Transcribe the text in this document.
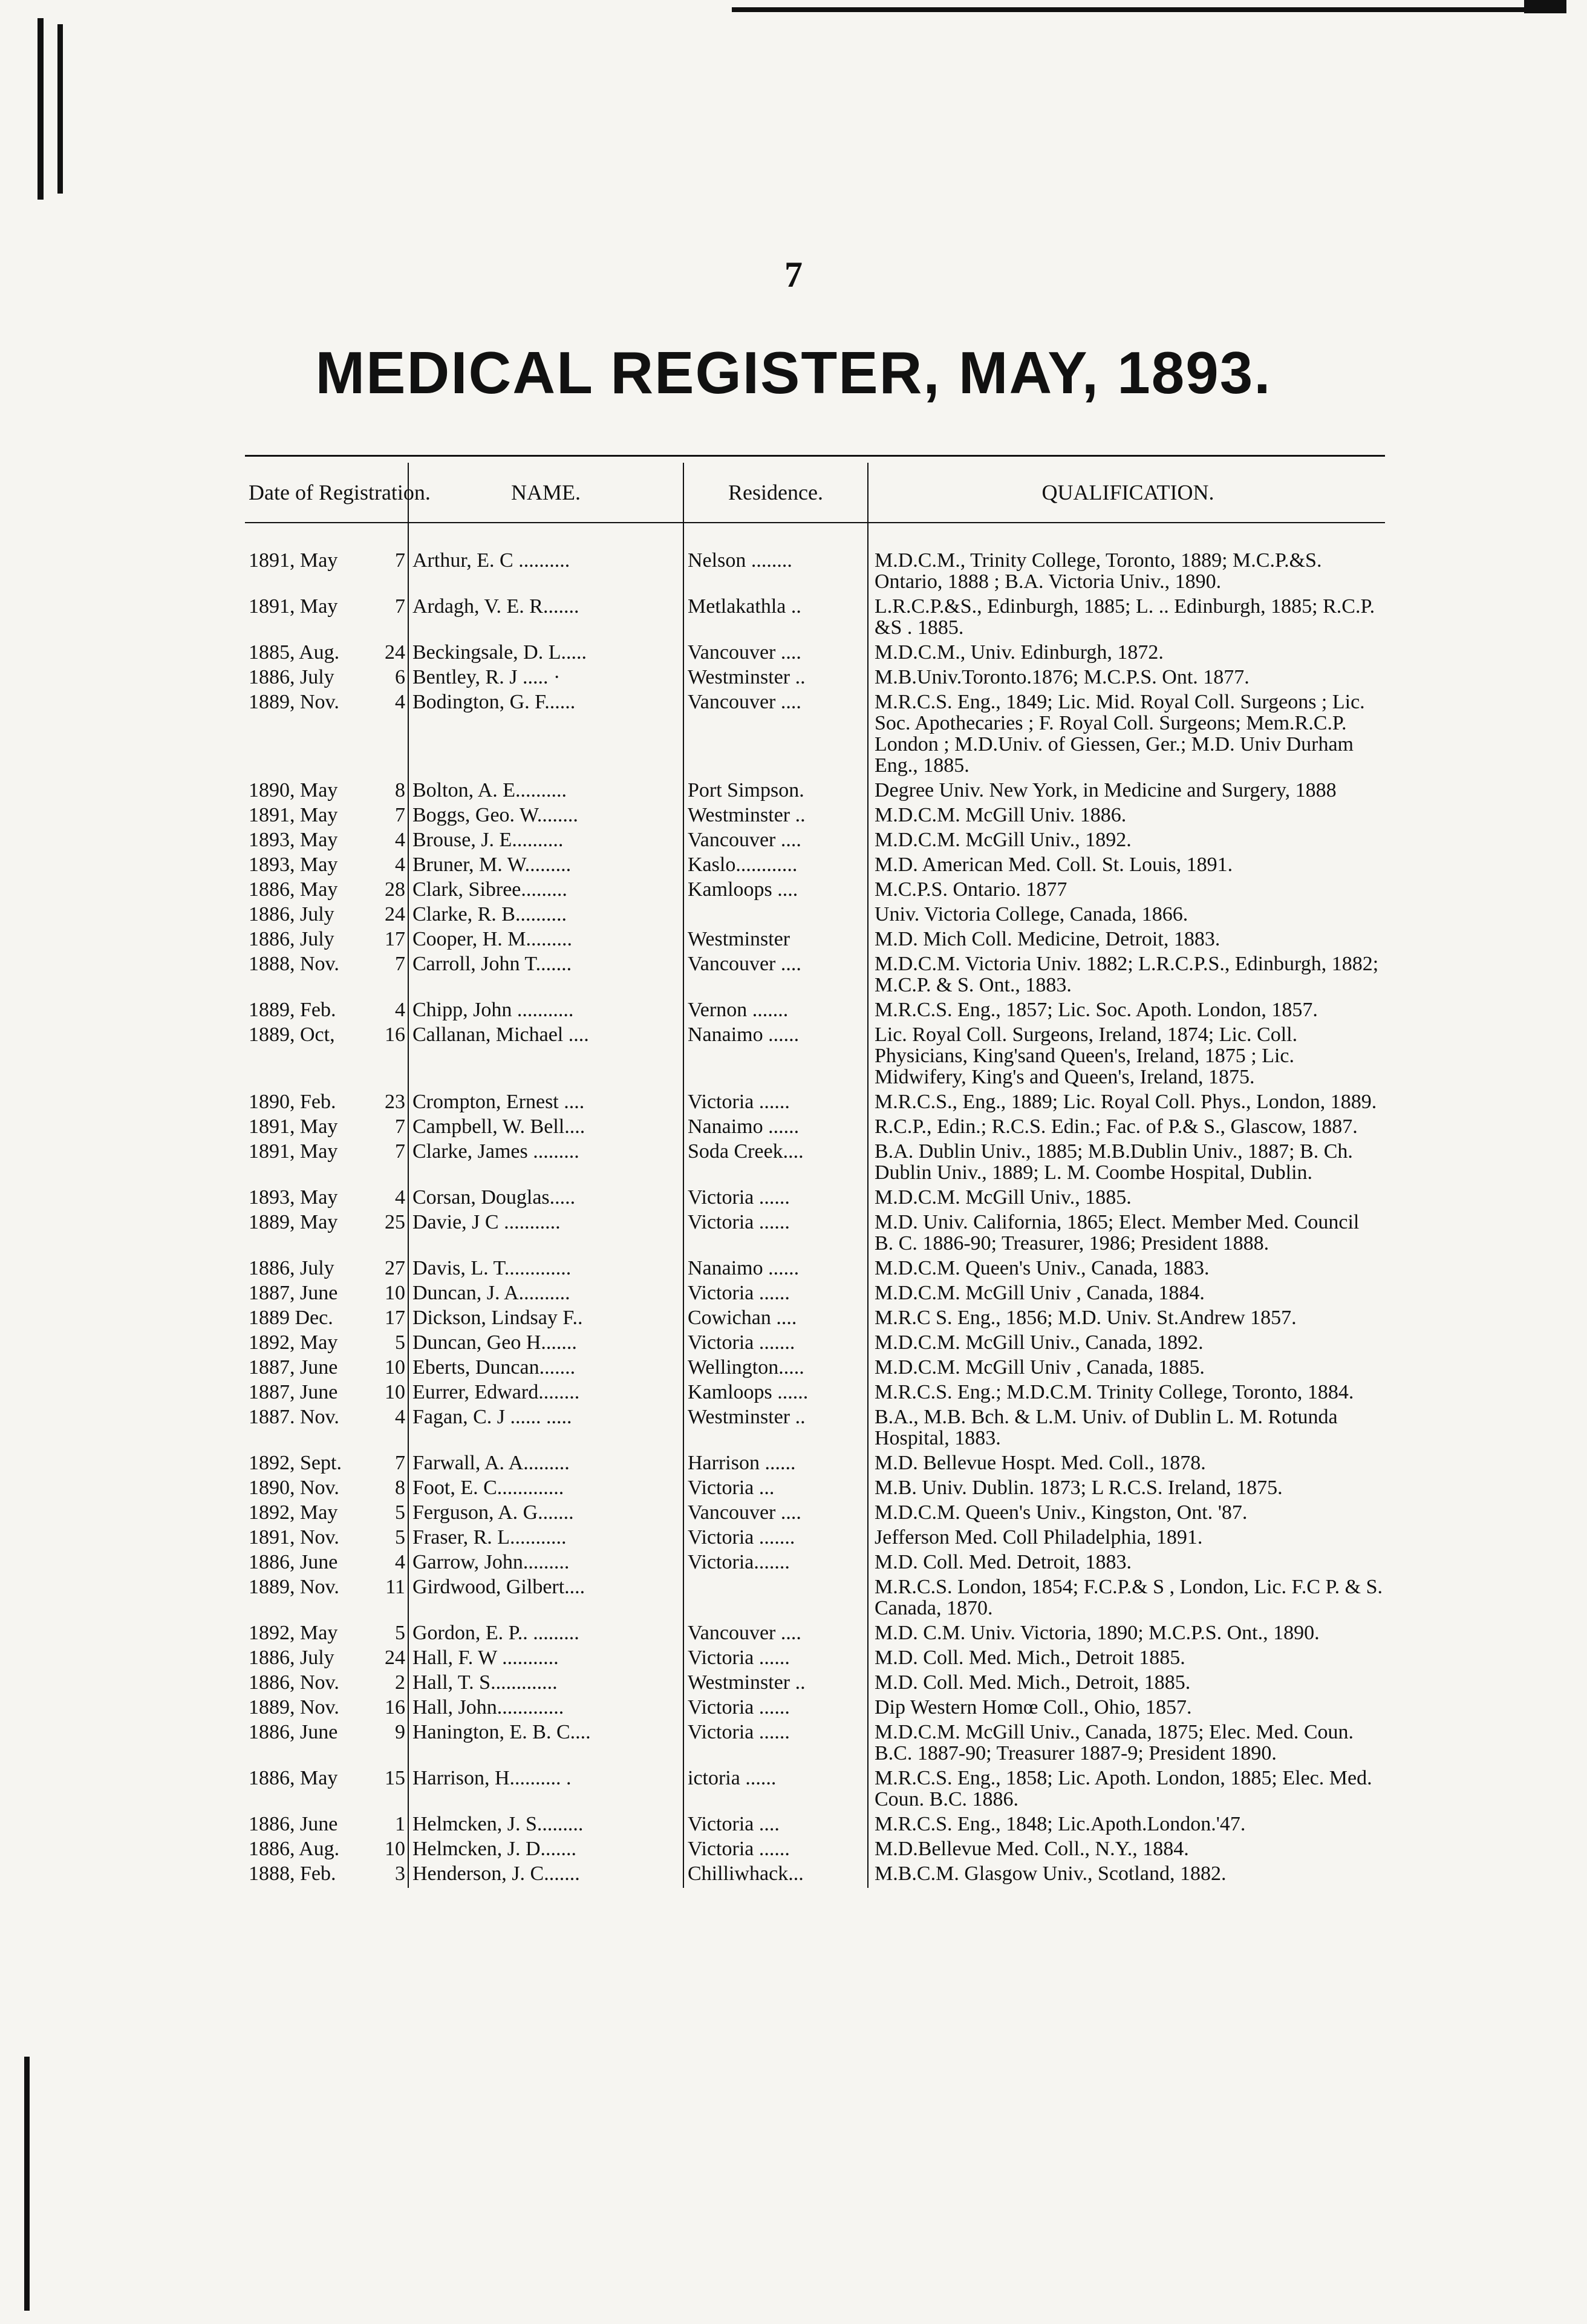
7
MEDICAL REGISTER, MAY, 1893.
Date of Registration.	NAME.	Residence.	QUALIFICATION.

1891, May 7	Arthur, E. C ..........	Nelson ........	M.D.C.M., Trinity College, Toronto, 1889; M.C.P.&S. Ontario, 1888 ; B.A. Victoria Univ., 1890.

1891, May 7	Ardagh, V. E. R.......	Metlakathla ..	L.R.C.P.&S., Edinburgh, 1885; L. .. Edinburgh, 1885; R.C.P. &S . 1885.

1885, Aug. 24	Beckingsale, D. L.....	Vancouver ....	M.D.C.M., Univ. Edinburgh, 1872.

1886, July 6	Bentley, R. J ..... ·	Westminster ..	M.B.Univ.Toronto.1876; M.C.P.S. Ont. 1877.

1889, Nov. 4	Bodington, G. F......	Vancouver ....	M.R.C.S. Eng., 1849; Lic. Mid. Royal Coll. Surgeons ; Lic. Soc. Apothecaries ; F. Royal Coll. Surgeons; Mem.R.C.P. London ; M.D.Univ. of Giessen, Ger.; M.D. Univ Durham Eng., 1885.

1890, May 8	Bolton, A. E..........	Port Simpson.	Degree Univ. New York, in Medicine and Surgery, 1888

1891, May 7	Boggs, Geo. W........	Westminster ..	M.D.C.M. McGill Univ. 1886.

1893, May 4	Brouse, J. E..........	Vancouver ....	M.D.C.M. McGill Univ., 1892.

1893, May 4	Bruner, M. W.........	Kaslo............	M.D. American Med. Coll. St. Louis, 1891.

1886, May 28	Clark, Sibree.........	Kamloops ....	M.C.P.S. Ontario. 1877

1886, July 24	Clarke, R. B..........		Univ. Victoria College, Canada, 1866.

1886, July 17	Cooper, H. M.........	Westminster	M.D. Mich Coll. Medicine, Detroit, 1883.

1888, Nov. 7	Carroll, John T.......	Vancouver ....	M.D.C.M. Victoria Univ. 1882; L.R.C.P.S., Edinburgh, 1882; M.C.P. & S. Ont., 1883.

1889, Feb. 4	Chipp, John ...........	Vernon .......	M.R.C.S. Eng., 1857; Lic. Soc. Apoth. London, 1857.

1889, Oct, 16	Callanan, Michael ....	Nanaimo ......	Lic. Royal Coll. Surgeons, Ireland, 1874; Lic. Coll. Physicians, King'sand Queen's, Ireland, 1875 ; Lic. Midwifery, King's and Queen's, Ireland, 1875.

1890, Feb. 23	Crompton, Ernest ....	Victoria ......	M.R.C.S., Eng., 1889; Lic. Royal Coll. Phys., London, 1889.

1891, May 7	Campbell, W. Bell....	Nanaimo ......	R.C.P., Edin.; R.C.S. Edin.; Fac. of P.& S., Glascow, 1887.

1891, May 7	Clarke, James .........	Soda Creek....	B.A. Dublin Univ., 1885; M.B.Dublin Univ., 1887; B. Ch. Dublin Univ., 1889; L. M. Coombe Hospital, Dublin.

1893, May 4	Corsan, Douglas.....	Victoria ......	M.D.C.M. McGill Univ., 1885.

1889, May 25	Davie, J C ...........	Victoria ......	M.D. Univ. California, 1865; Elect. Member Med. Council B. C. 1886-90; Treasurer, 1986; President 1888.

1886, July 27	Davis, L. T.............	Nanaimo ......	M.D.C.M. Queen's Univ., Canada, 1883.

1887, June 10	Duncan, J. A..........	Victoria ......	M.D.C.M. McGill Univ , Canada, 1884.

1889 Dec. 17	Dickson, Lindsay F..	Cowichan ....	M.R.C S. Eng., 1856; M.D. Univ. St.Andrew 1857.

1892, May 5	Duncan, Geo H.......	Victoria .......	M.D.C.M. McGill Univ., Canada, 1892.

1887, June 10	Eberts, Duncan.......	Wellington.....	M.D.C.M. McGill Univ , Canada, 1885.

1887, June 10	Eurrer, Edward........	Kamloops ......	M.R.C.S. Eng.; M.D.C.M. Trinity College, Toronto, 1884.

1887. Nov. 4	Fagan, C. J ...... .....	Westminster ..	B.A., M.B. Bch. & L.M. Univ. of Dublin L. M. Rotunda Hospital, 1883.

1892, Sept. 7	Farwall, A. A.........	Harrison ......	M.D. Bellevue Hospt. Med. Coll., 1878.

1890, Nov. 8	Foot, E. C.............	Victoria ...	M.B. Univ. Dublin. 1873; L R.C.S. Ireland, 1875.

1892, May 5	Ferguson, A. G.......	Vancouver ....	M.D.C.M. Queen's Univ., Kingston, Ont. '87.

1891, Nov. 5	Fraser, R. L...........	Victoria .......	Jefferson Med. Coll Philadelphia, 1891.

1886, June 4	Garrow, John.........	Victoria.......	M.D. Coll. Med. Detroit, 1883.

1889, Nov. 11	Girdwood, Gilbert....		M.R.C.S. London, 1854; F.C.P.& S , London, Lic. F.C P. & S. Canada, 1870.

1892, May 5	Gordon, E. P.. .........	Vancouver ....	M.D. C.M. Univ. Victoria, 1890; M.C.P.S. Ont., 1890.

1886, July 24	Hall, F. W ...........	Victoria ......	M.D. Coll. Med. Mich., Detroit 1885.

1886, Nov. 2	Hall, T. S.............	Westminster ..	M.D. Coll. Med. Mich., Detroit, 1885.

1889, Nov. 16	Hall, John.............	Victoria ......	Dip Western Homœ Coll., Ohio, 1857.

1886, June 9	Hanington, E. B. C....	Victoria ......	M.D.C.M. McGill Univ., Canada, 1875; Elec. Med. Coun. B.C. 1887-90; Treasurer 1887-9; President 1890.

1886, May 15	Harrison, H.......... .	ictoria ......	M.R.C.S. Eng., 1858; Lic. Apoth. London, 1885; Elec. Med. Coun. B.C. 1886.

1886, June 1	Helmcken, J. S.........	Victoria ....	M.R.C.S. Eng., 1848; Lic.Apoth.London.'47.

1886, Aug. 10	Helmcken, J. D.......	Victoria ......	M.D.Bellevue Med. Coll., N.Y., 1884.

1888, Feb. 3	Henderson, J. C.......	Chilliwhack...	M.B.C.M. Glasgow Univ., Scotland, 1882.
